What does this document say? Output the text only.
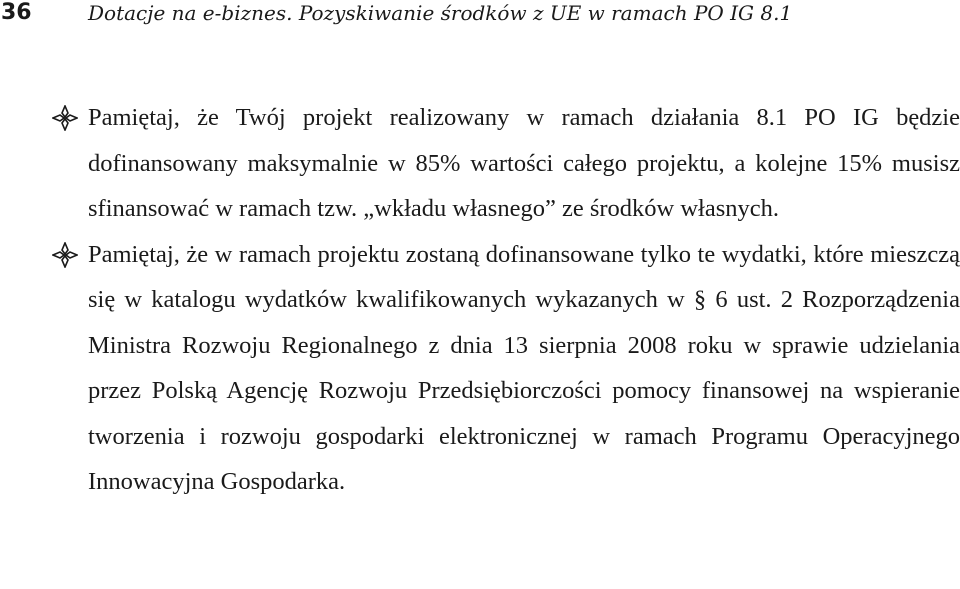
36	Dotacje na e-biznes. Pozyskiwanie środków z UE w ramach PO IG 8.1
Pamiętaj, że Twój projekt realizowany w ramach działania 8.1 PO IG będzie dofinansowany maksymalnie w 85% wartości całego projektu, a kolejne 15% musisz sfinansować w ramach tzw. „wkładu własnego” ze środków własnych.
Pamiętaj, że w ramach projektu zostaną dofinansowane tylko te wydatki, które mieszczą się w katalogu wydatków kwalifikowanych wykazanych w § 6 ust. 2 Rozporządzenia Ministra Rozwoju Regionalnego z dnia 13 sierpnia 2008 roku w sprawie udzielania przez Polską Agencję Rozwoju Przedsiębiorczości pomocy finansowej na wspieranie tworzenia i rozwoju gospodarki elektronicznej w ramach Programu Operacyjnego Innowacyjna Gospodarka.
